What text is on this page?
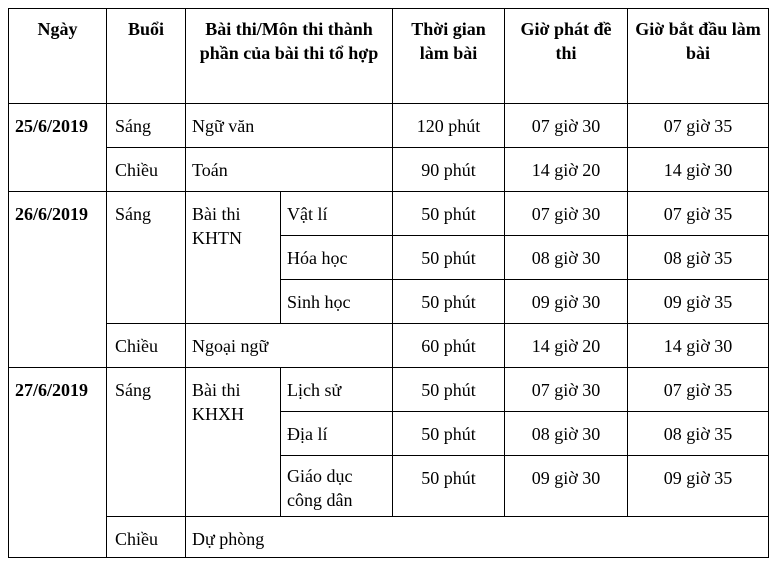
Ngày	Buổi	Bài thi/Môn thi thành phần của bài thi tổ hợp		Thời gian làm bài	Giờ phát đề thi	Giờ bắt đầu làm bài

25/6/2019	Sáng	Ngữ văn		120 phút	07 giờ 30	07 giờ 35

	Chiều	Toán		90 phút	14 giờ 20	14 giờ 30

26/6/2019	Sáng	Bài thi KHTN	Vật lí	50 phút	07 giờ 30	07 giờ 35

			Hóa học	50 phút	08 giờ 30	08 giờ 35

			Sinh học	50 phút	09 giờ 30	09 giờ 35

	Chiều	Ngoại ngữ		60 phút	14 giờ 20	14 giờ 30

27/6/2019	Sáng	Bài thi KHXH	Lịch sử	50 phút	07 giờ 30	07 giờ 35

			Địa lí	50 phút	08 giờ 30	08 giờ 35

			Giáo dục công dân	50 phút	09 giờ 30	09 giờ 35

	Chiều	Dự phòng				
